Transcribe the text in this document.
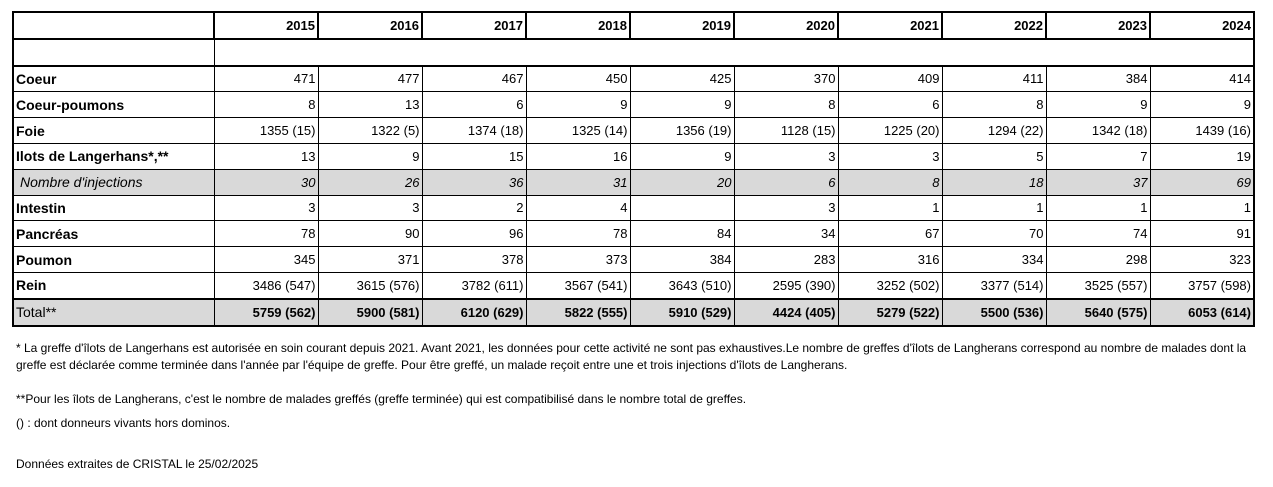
	2015	2016	2017	2018	2019	2020	2021	2022	2023	2024

Coeur	471	477	467	450	425	370	409	411	384	414
Coeur-poumons	8	13	6	9	9	8	6	8	9	9
Foie	1355 (15)	1322 (5)	1374 (18)	1325 (14)	1356 (19)	1128 (15)	1225 (20)	1294 (22)	1342 (18)	1439 (16)
Ilots de Langerhans*,**	13	9	15	16	9	3	3	5	7	19
Nombre d'injections	30	26	36	31	20	6	8	18	37	69
Intestin	3	3	2	4		3	1	1	1	1
Pancréas	78	90	96	78	84	34	67	70	74	91
Poumon	345	371	378	373	384	283	316	334	298	323
Rein	3486 (547)	3615 (576)	3782 (611)	3567 (541)	3643 (510)	2595 (390)	3252 (502)	3377 (514)	3525 (557)	3757 (598)
Total**	5759 (562)	5900 (581)	6120 (629)	5822 (555)	5910 (529)	4424 (405)	5279 (522)	5500 (536)	5640 (575)	6053 (614)

* La greffe d'îlots de Langerhans est autorisée en soin courant depuis 2021. Avant 2021, les données pour cette activité ne sont pas exhaustives.Le nombre de greffes d'îlots de Langherans correspond au nombre de malades dont la greffe est déclarée comme terminée dans l'année par l'équipe de greffe. Pour être greffé, un malade reçoit entre une et trois injections d'îlots de Langherans.

**Pour les îlots de Langherans, c'est le nombre de malades greffés (greffe terminée) qui est compatibilisé dans le nombre total de greffes.

() : dont donneurs vivants hors dominos.

Données extraites de CRISTAL le 25/02/2025
